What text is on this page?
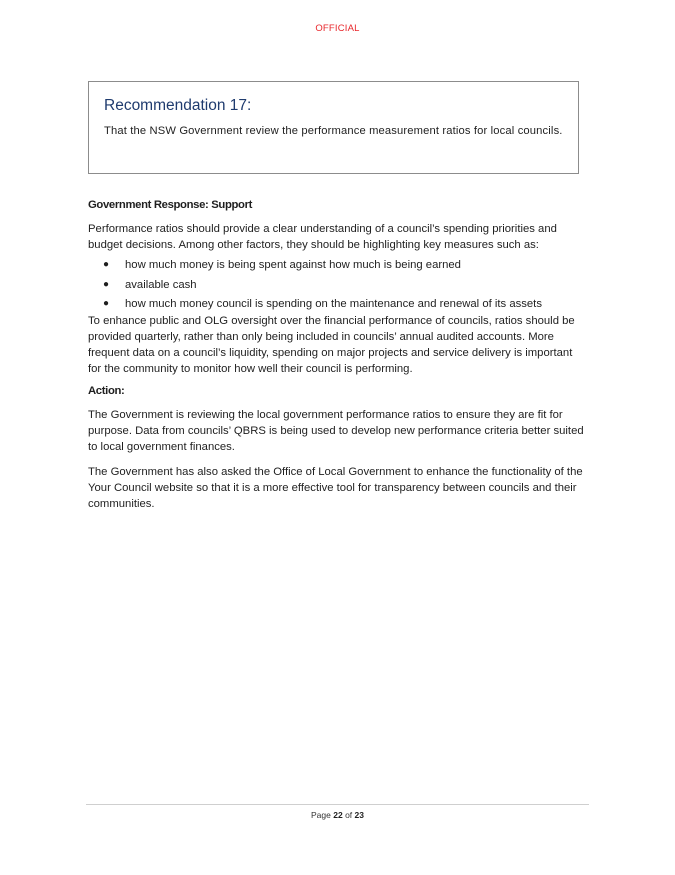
OFFICIAL

Recommendation 17:

That the NSW Government review the performance measurement ratios for local councils.

Government Response: Support

Performance ratios should provide a clear understanding of a council’s spending priorities and budget decisions. Among other factors, they should be highlighting key measures such as:

● how much money is being spent against how much is being earned
● available cash
● how much money council is spending on the maintenance and renewal of its assets

To enhance public and OLG oversight over the financial performance of councils, ratios should be provided quarterly, rather than only being included in councils’ annual audited accounts. More frequent data on a council’s liquidity, spending on major projects and service delivery is important for the community to monitor how well their council is performing.

Action:

The Government is reviewing the local government performance ratios to ensure they are fit for purpose. Data from councils’ QBRS is being used to develop new performance criteria better suited to local government finances.

The Government has also asked the Office of Local Government to enhance the functionality of the Your Council website so that it is a more effective tool for transparency between councils and their communities.

Page 22 of 23
